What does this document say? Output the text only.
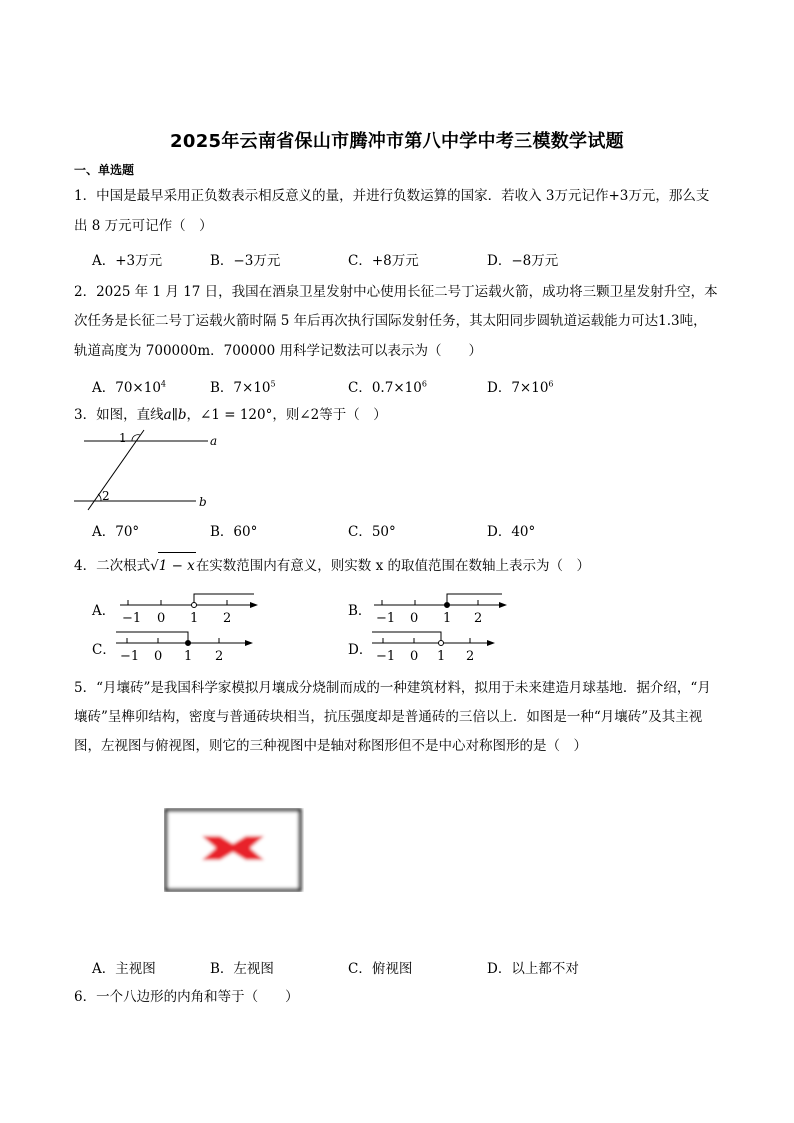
2025年云南省保山市腾冲市第八中学中考三模数学试题
一、单选题
1．中国是最早采用正负数表示相反意义的量，并进行负数运算的国家．若收入 3万元记作+3万元，那么支
出 8 万元可记作（　）
A．+3万元	B．−3万元	C．+8万元	D．−8万元
2．2025 年 1 月 17 日，我国在酒泉卫星发射中心使用长征二号丁运载火箭，成功将三颗卫星发射升空，本
次任务是长征二号丁运载火箭时隔 5 年后再次执行国际发射任务，其太阳同步圆轨道运载能力可达1.3吨，
轨道高度为 700000m．700000 用科学记数法可以表示为（　　）
A．$70\times 10^4$	B．$7\times 10^5$	C．$0.7\times 10^6$	D．$7\times 10^6$
3．如图，直线a∥b，∠1 = 120°，则∠2等于（　）
1
2
a
b
A．70°	B．60°	C．50°	D．40°
4．二次根式√1 − x在实数范围内有意义，则实数 x 的取值范围在数轴上表示为（　）
A． −1 0 1 2	B． −1 0 1 2
C． −1 0 1 2	D． −1 0 1 2
5．“月壤砖”是我国科学家模拟月壤成分烧制而成的一种建筑材料，拟用于未来建造月球基地．据介绍，“月
壤砖”呈榫卯结构，密度与普通砖块相当，抗压强度却是普通砖的三倍以上．如图是一种“月壤砖”及其主视
图，左视图与俯视图，则它的三种视图中是轴对称图形但不是中心对称图形的是（　）
A．主视图	B．左视图	C．俯视图	D．以上都不对
6．一个八边形的内角和等于（　　）
